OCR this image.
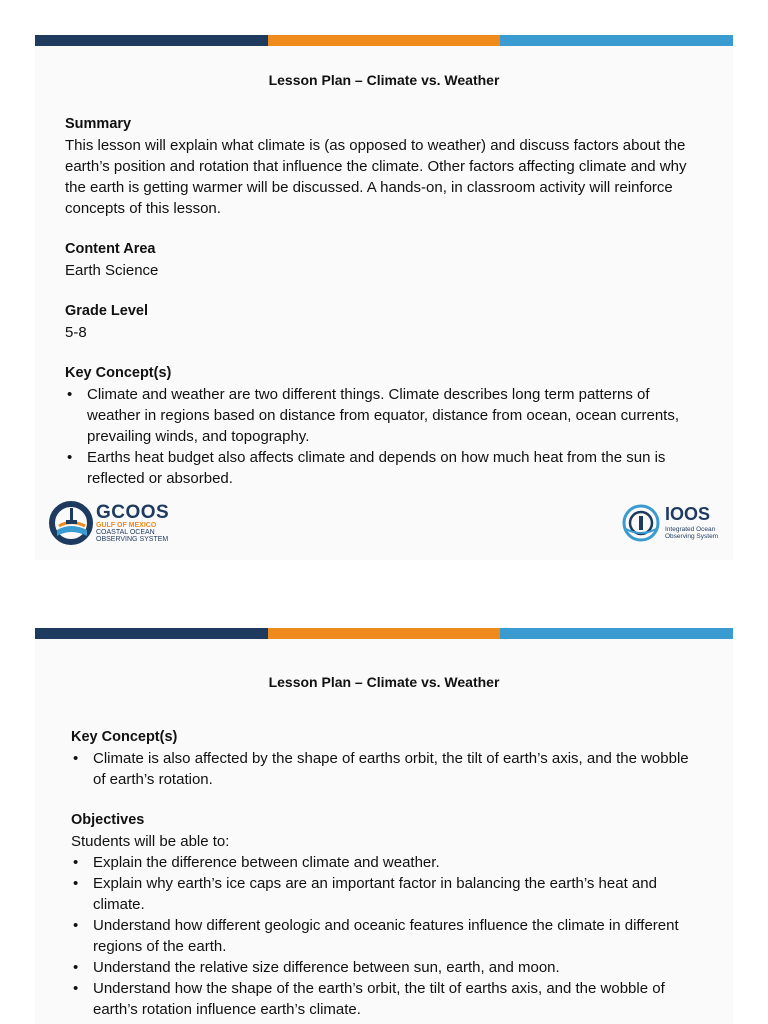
Lesson Plan – Climate vs. Weather

Summary

This lesson will explain what climate is (as opposed to weather) and discuss factors about the earth’s position and rotation that influence the climate. Other factors affecting climate and why the earth is getting warmer will be discussed. A hands-on, in classroom activity will reinforce concepts of this lesson.

Content Area

Earth Science

Grade Level

5-8

Key Concept(s)

• Climate and weather are two different things. Climate describes long term patterns of weather in regions based on distance from equator, distance from ocean, ocean currents, prevailing winds, and topography.
• Earths heat budget also affects climate and depends on how much heat from the sun is reflected or absorbed.
GCOOS
GULF OF MEXICO
COASTAL OCEAN
OBSERVING SYSTEM
IOOS
Integrated Ocean
Observing System
Lesson Plan – Climate vs. Weather

Key Concept(s)

• Climate is also affected by the shape of earths orbit, the tilt of earth’s axis, and the wobble of earth’s rotation.

Objectives

Students will be able to:

• Explain the difference between climate and weather.
• Explain why earth’s ice caps are an important factor in balancing the earth’s heat and climate.
• Understand how different geologic and oceanic features influence the climate in different regions of the earth.
• Understand the relative size difference between sun, earth, and moon.
• Understand how the shape of the earth’s orbit, the tilt of earths axis, and the wobble of earth’s rotation influence earth’s climate.
